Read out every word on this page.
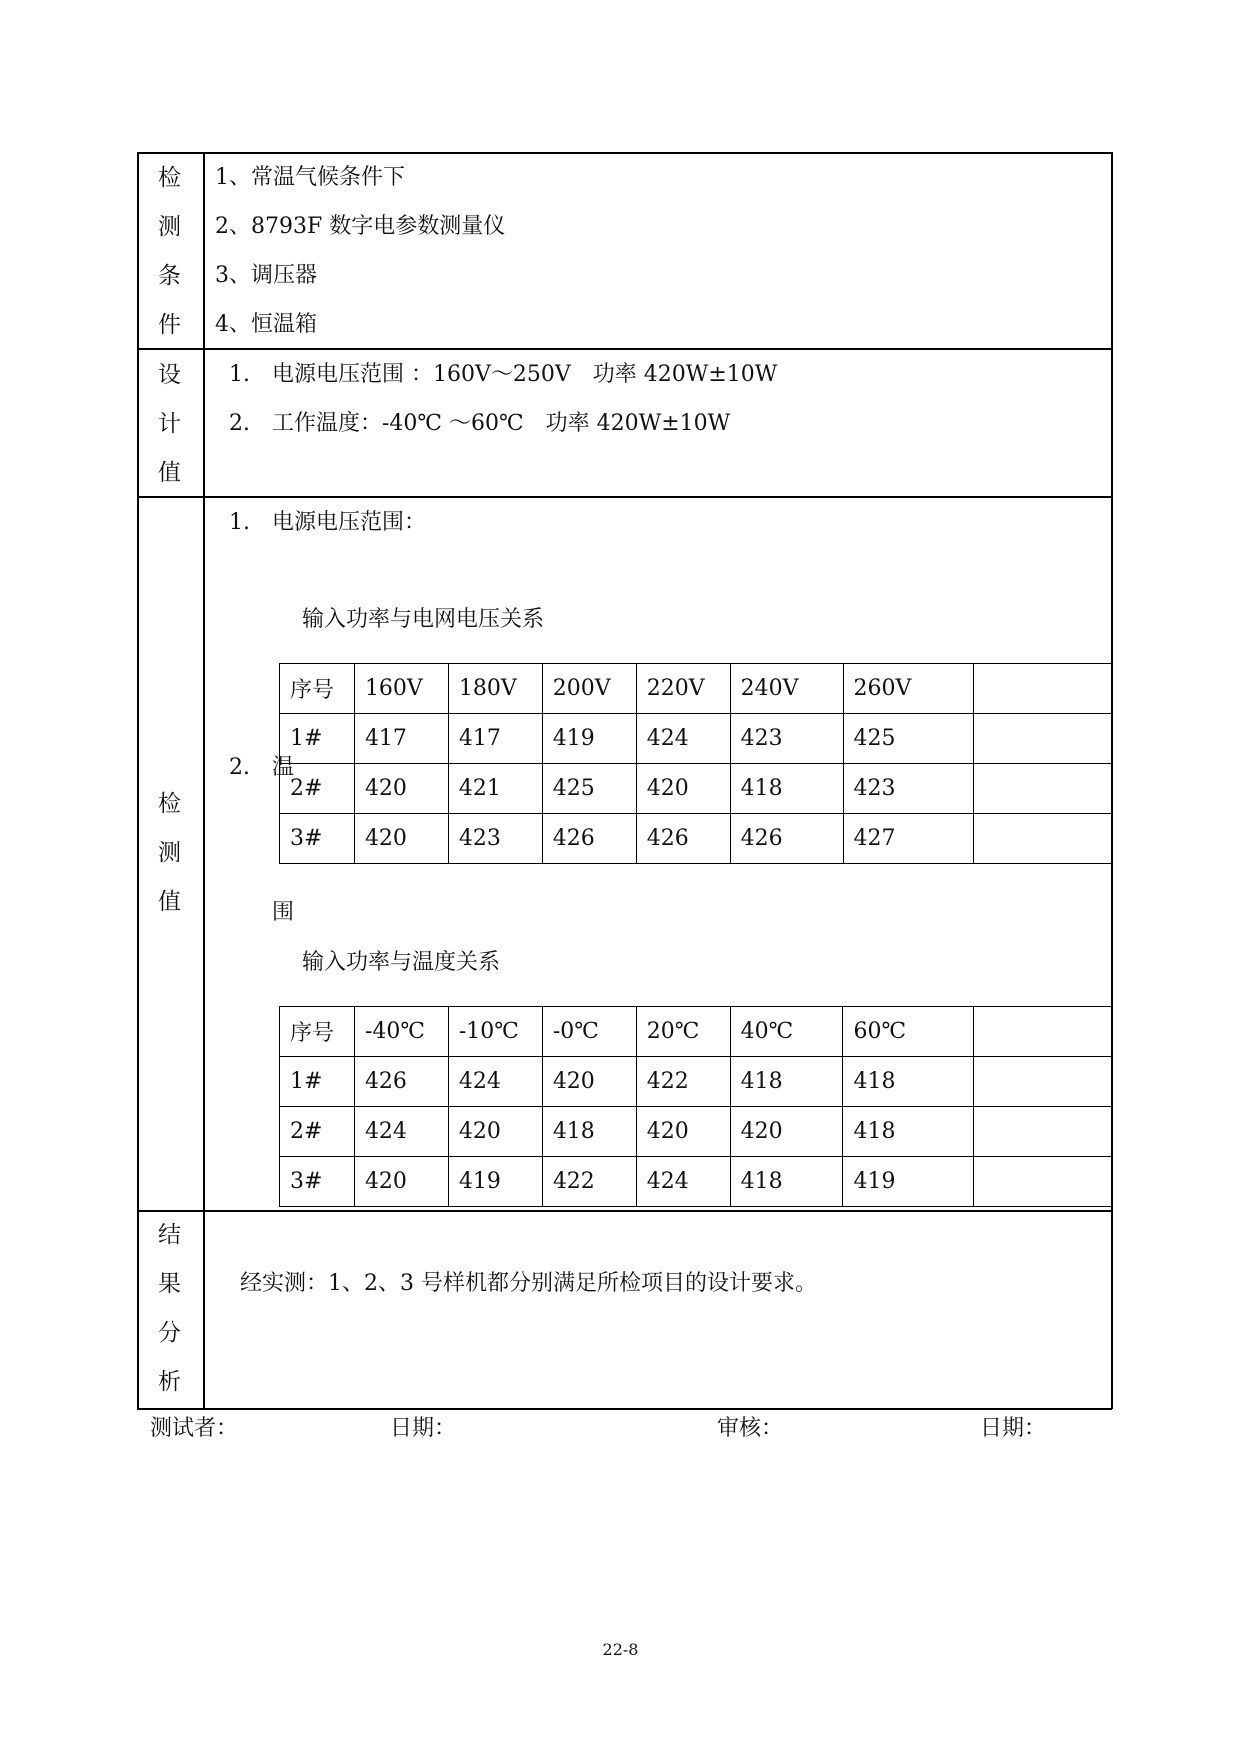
检
测
条
件
1、常温气候条件下
2、8793F 数字电参数测量仪
3、调压器
4、恒温箱
设
计
值
1. 电源电压范围 ：160V～250V　功率 420W±10W
2. 工作温度：-40℃ ～60℃　功率 420W±10W
检
测
值
1. 电源电压范围：
输入功率与电网电压关系
2. 温
序号	160V	180V	200V	220V	240V	260V	
1#	417	417	419	424	423	425	
2#	420	421	425	420	418	423	
3#	420	423	426	426	426	427	
围
输入功率与温度关系
序号	-40℃	-10℃	-0℃	20℃	40℃	60℃	
1#	426	424	420	422	418	418	
2#	424	420	418	420	420	418	
3#	420	419	422	424	418	419	
结
果
分
析
经实测：1、2、3 号样机都分别满足所检项目的设计要求。
测试者：	日期：	审核：	日期：
22-8
